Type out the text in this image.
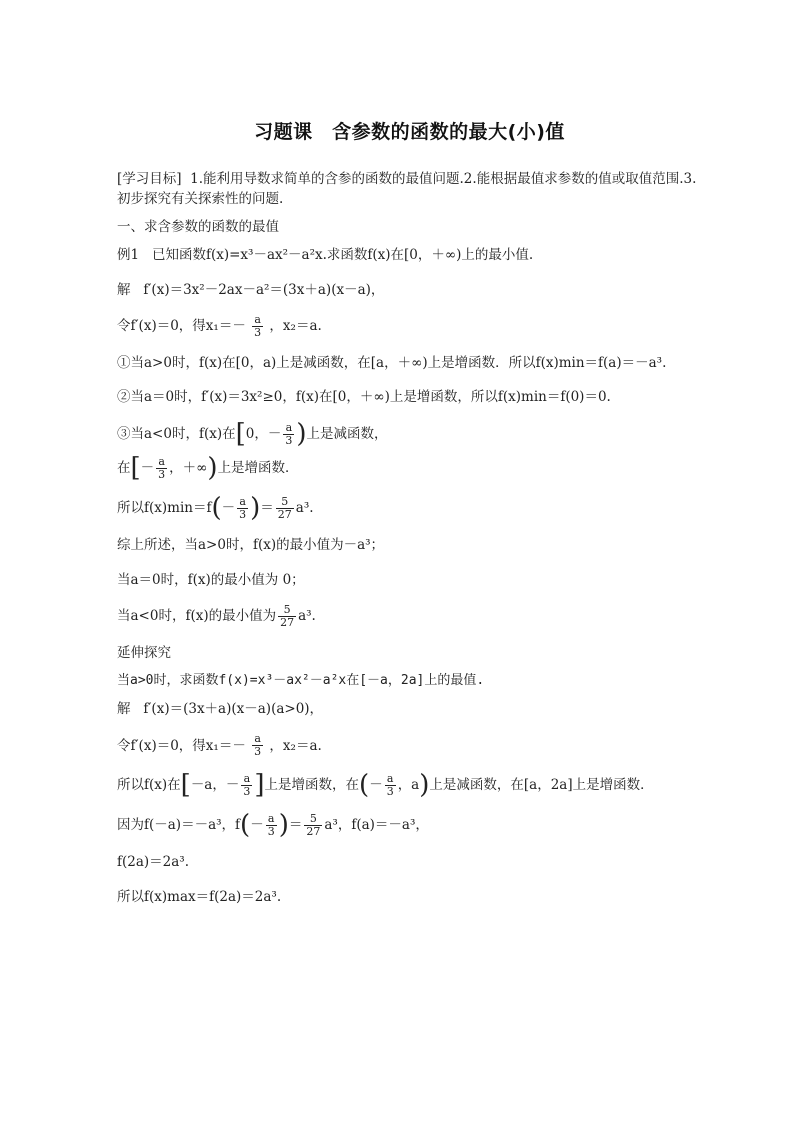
习题课　含参数的函数的最大(小)值
[学习目标] 1.能利用导数求简单的含参的函数的最值问题.2.能根据最值求参数的值或取值范围.3.初步探究有关探索性的问题.
一、求含参数的函数的最值
例1 已知函数f(x)=x³－ax²－a²x.求函数f(x)在[0，＋∞)上的最小值.
解 f′(x)＝3x²－2ax－a²＝(3x＋a)(x－a)，
令f′(x)＝0，得$x_1=- \frac{a}{3}$ ，x₂＝a.
①当a>0时，f(x)在[0，a)上是减函数，在[a，＋∞)上是增函数．所以f(x)min＝f(a)＝－a³.
②当a＝0时，f′(x)＝3x²≥0，f(x)在[0，＋∞)上是增函数，所以f(x)min＝f(0)＝0.
③当a<0时，f(x)在[0，－ $\frac{a}{3}$ )上是减函数，
在[－ $\frac{a}{3}$ ，＋∞)上是增函数．
所以$f(x)\min=f(- \frac{a}{3}$ )＝ $\frac{5}{27} a^3$.
综上所述，当a>0时，f(x)的最小值为－a³；
当a＝0时，f(x)的最小值为 0；
当a<0时，f(x)的最小值为 $\frac{5}{27} a^3$.
延伸探究
当a>0时，求函数f(x)=x³－ax²－a²x在[－a，2a]上的最值.
解 f′(x)＝(3x＋a)(x－a)(a>0)，
令f′(x)＝0，得$x_1=- \frac{a}{3}$ ，x₂＝a.
所以f(x)在[－a，－ $\frac{a}{3}$ ]上是增函数，在(－ $\frac{a}{3}$ ，a)上是减函数，在[a，2a]上是增函数．
因为f(－a)＝－a³，$f(- \frac{a}{3}$ )＝ $\frac{5}{27} a^3$，f(a)＝－a³，
f(2a)＝2a³.
所以f(x)max＝f(2a)＝2a³.
